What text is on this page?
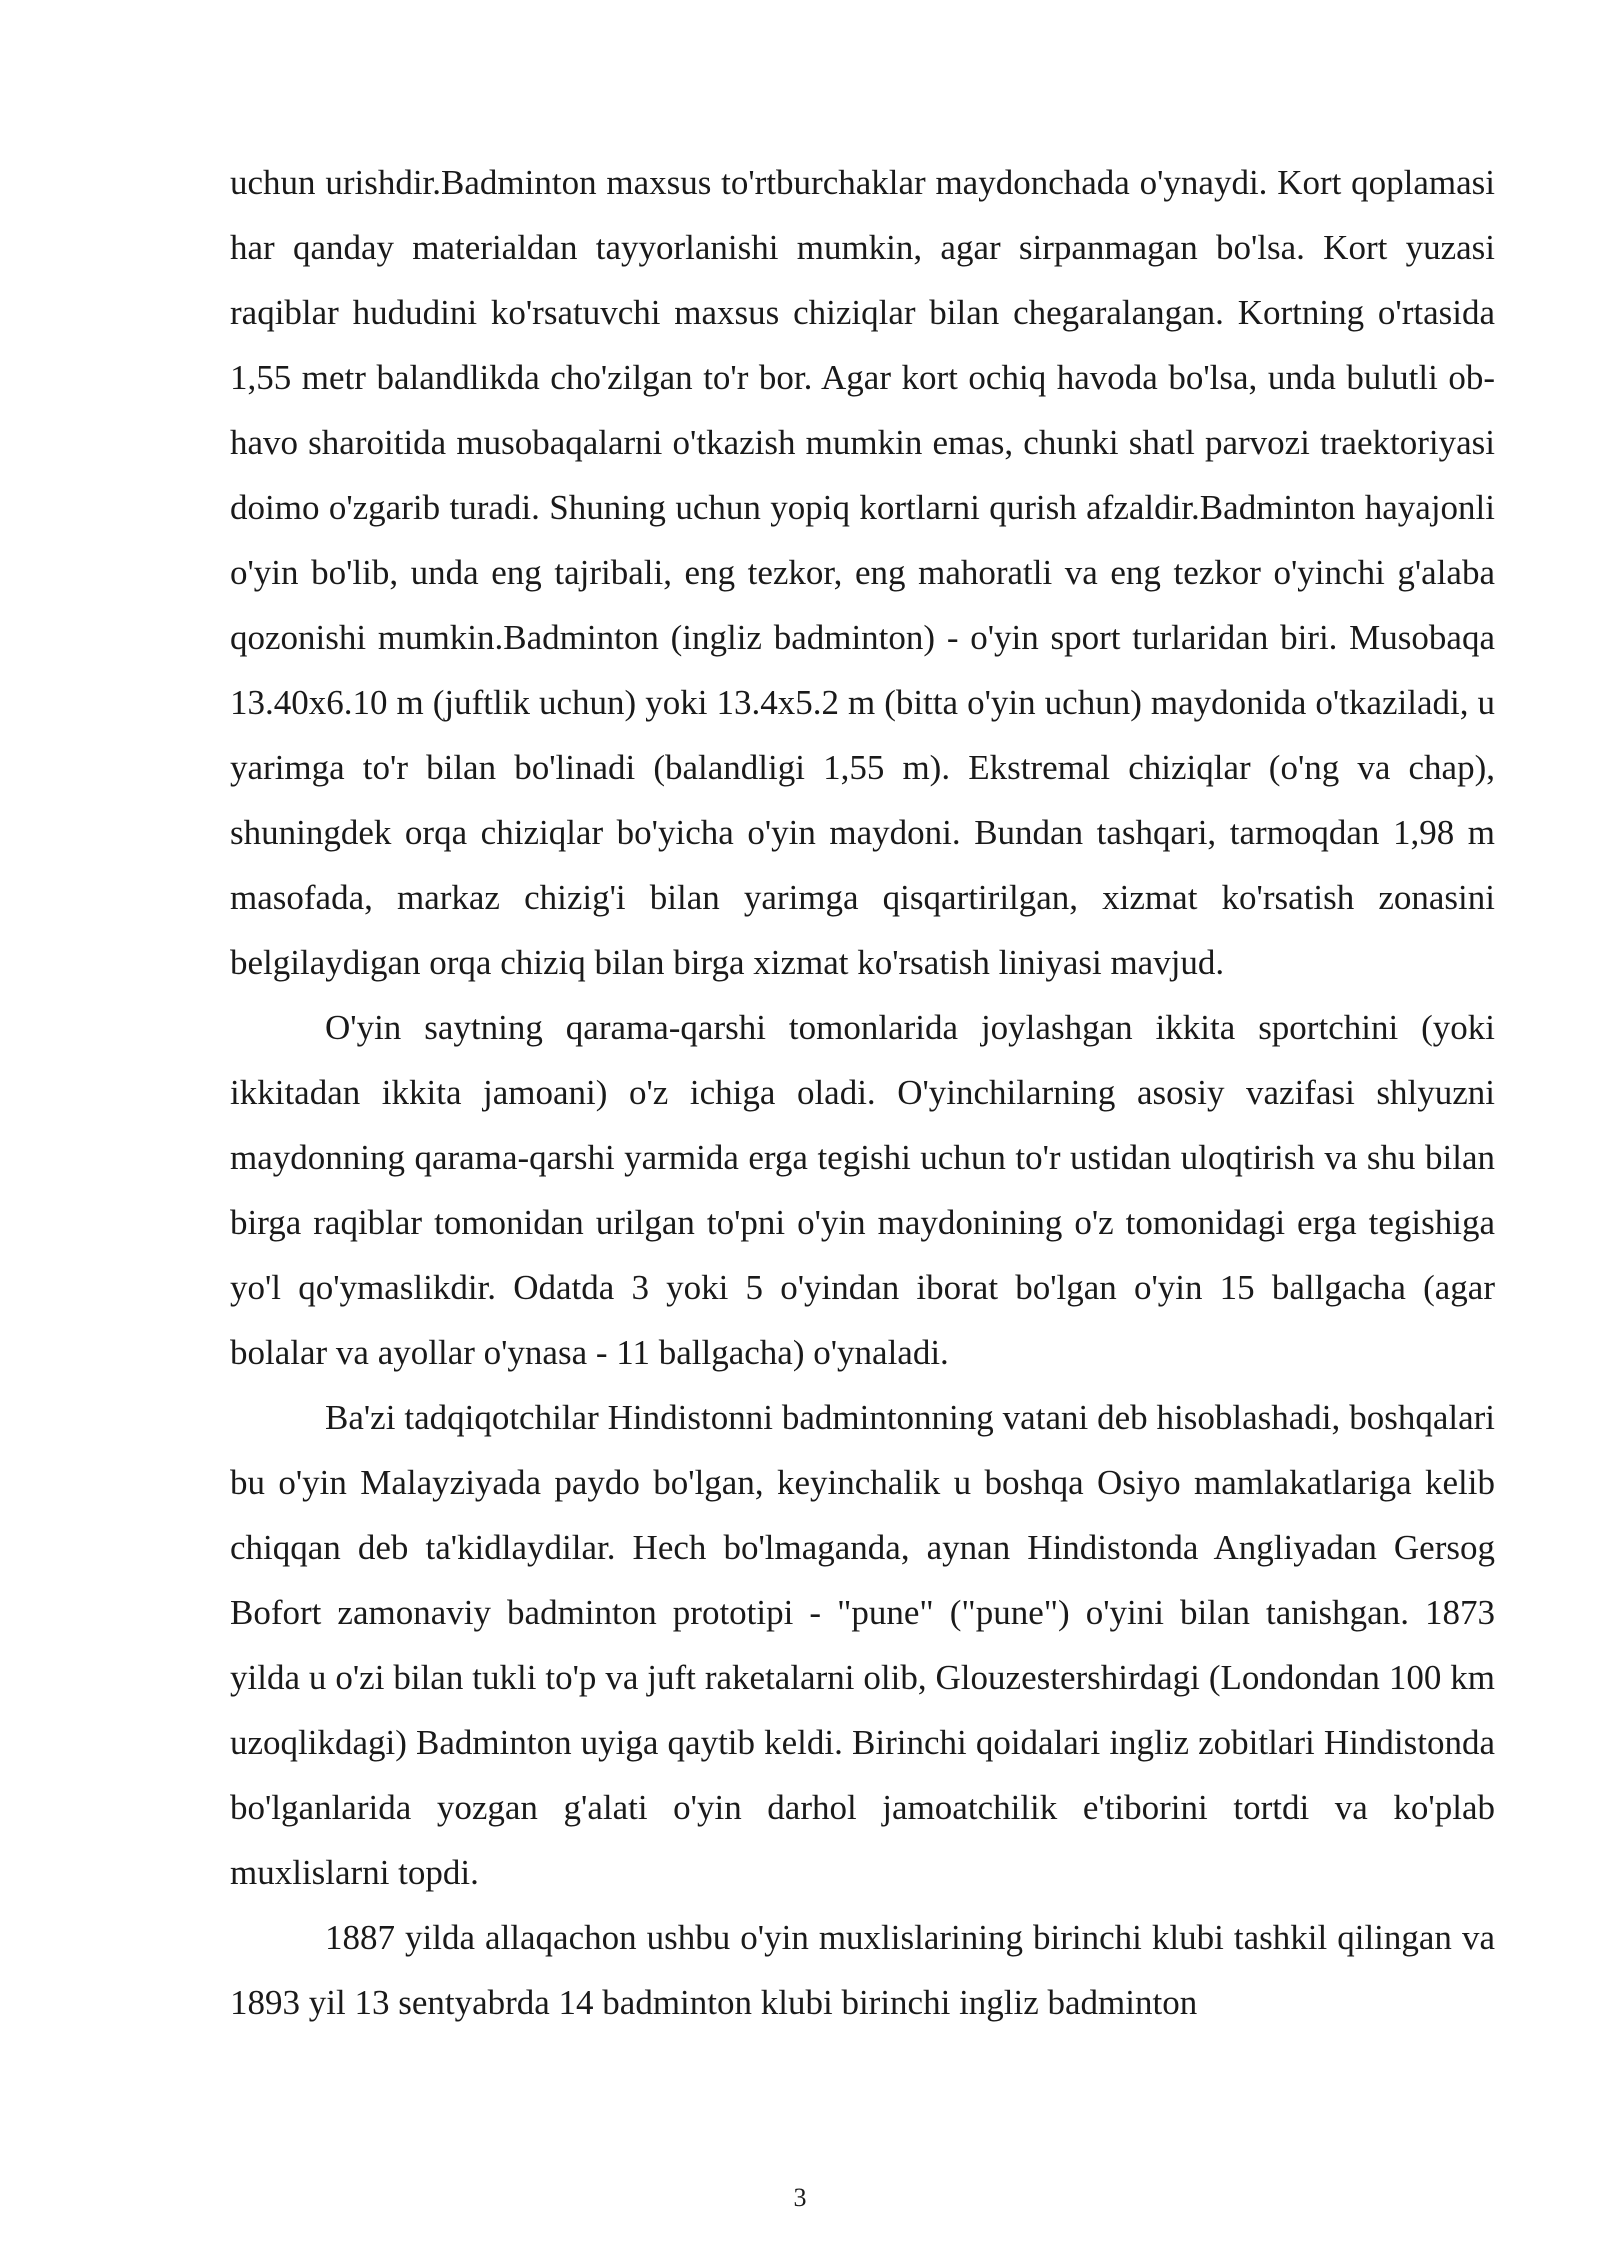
uchun urishdir.Badminton maxsus to'rtburchaklar maydonchada o'ynaydi. Kort qoplamasi har qanday materialdan tayyorlanishi mumkin, agar sirpanmagan bo'lsa. Kort yuzasi raqiblar hududini ko'rsatuvchi maxsus chiziqlar bilan chegaralangan. Kortning o'rtasida 1,55 metr balandlikda cho'zilgan to'r bor. Agar kort ochiq havoda bo'lsa, unda bulutli ob-havo sharoitida musobaqalarni o'tkazish mumkin emas, chunki shatl parvozi traektoriyasi doimo o'zgarib turadi. Shuning uchun yopiq kortlarni qurish afzaldir.Badminton hayajonli o'yin bo'lib, unda eng tajribali, eng tezkor, eng mahoratli va eng tezkor o'yinchi g'alaba qozonishi mumkin.Badminton (ingliz badminton) - o'yin sport turlaridan biri. Musobaqa 13.40x6.10 m (juftlik uchun) yoki 13.4x5.2 m (bitta o'yin uchun) maydonida o'tkaziladi, u yarimga to'r bilan bo'linadi (balandligi 1,55 m). Ekstremal chiziqlar (o'ng va chap), shuningdek orqa chiziqlar bo'yicha o'yin maydoni. Bundan tashqari, tarmoqdan 1,98 m masofada, markaz chizig'i bilan yarimga qisqartirilgan, xizmat ko'rsatish zonasini belgilaydigan orqa chiziq bilan birga xizmat ko'rsatish liniyasi mavjud.

O'yin saytning qarama-qarshi tomonlarida joylashgan ikkita sportchini (yoki ikkitadan ikkita jamoani) o'z ichiga oladi. O'yinchilarning asosiy vazifasi shlyuzni maydonning qarama-qarshi yarmida erga tegishi uchun to'r ustidan uloqtirish va shu bilan birga raqiblar tomonidan urilgan to'pni o'yin maydonining o'z tomonidagi erga tegishiga yo'l qo'ymaslikdir. Odatda 3 yoki 5 o'yindan iborat bo'lgan o'yin 15 ballgacha (agar bolalar va ayollar o'ynasa - 11 ballgacha) o'ynaladi.

Ba'zi tadqiqotchilar Hindistonni badmintonning vatani deb hisoblashadi, boshqalari bu o'yin Malayziyada paydo bo'lgan, keyinchalik u boshqa Osiyo mamlakatlariga kelib chiqqan deb ta'kidlaydilar. Hech bo'lmaganda, aynan Hindistonda Angliyadan Gersog Bofort zamonaviy badminton prototipi - "pune" ("pune") o'yini bilan tanishgan. 1873 yilda u o'zi bilan tukli to'p va juft raketalarni olib, Glouzestershirdagi (Londondan 100 km uzoqlikdagi) Badminton uyiga qaytib keldi. Birinchi qoidalari ingliz zobitlari Hindistonda bo'lganlarida yozgan g'alati o'yin darhol jamoatchilik e'tiborini tortdi va ko'plab muxlislarni topdi.

1887 yilda allaqachon ushbu o'yin muxlislarining birinchi klubi tashkil qilingan va 1893 yil 13 sentyabrda 14 badminton klubi birinchi ingliz badminton

3
